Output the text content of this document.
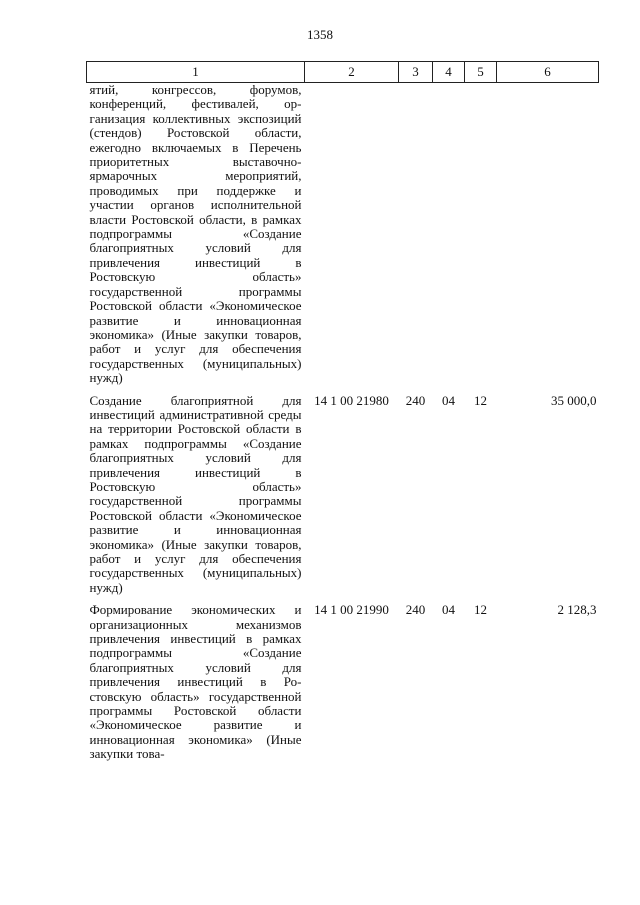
1358
1	2	3	4	5	6
ятий, конгрессов, форумов, конференций, фестивалей, организация коллективных экспозиций (стендов) Ростовской области, ежегодно включаемых в Перечень приоритетных выставочно-ярмарочных мероприятий, проводимых при поддержке и участии органов исполнительной власти Ростовской области, в рамках подпрограммы «Создание благоприятных условий для привлечения инвестиций в Ростовскую область» государственной программы Ростовской области «Экономическое развитие и инновационная экономика» (Иные закупки товаров, работ и услуг для обеспечения государственных (муниципальных) нужд)					
Создание благоприятной для инвестиций административной среды на территории Ростовской области в рамках подпрограммы «Создание благоприятных условий для привлечения инвестиций в Ростовскую область» государственной программы Ростовской области «Экономическое развитие и инновационная экономика» (Иные закупки товаров, работ и услуг для обеспечения государственных (муниципальных) нужд)	14 1 00 21980	240	04	12	35 000,0
Формирование экономических и организационных механизмов привлечения инвестиций в рамках подпрограммы «Создание благоприятных условий для привлечения инвестиций в Ростовскую область» государственной программы Ростовской области «Экономическое развитие и инновационная экономика» (Иные закупки това-	14 1 00 21990	240	04	12	2 128,3
